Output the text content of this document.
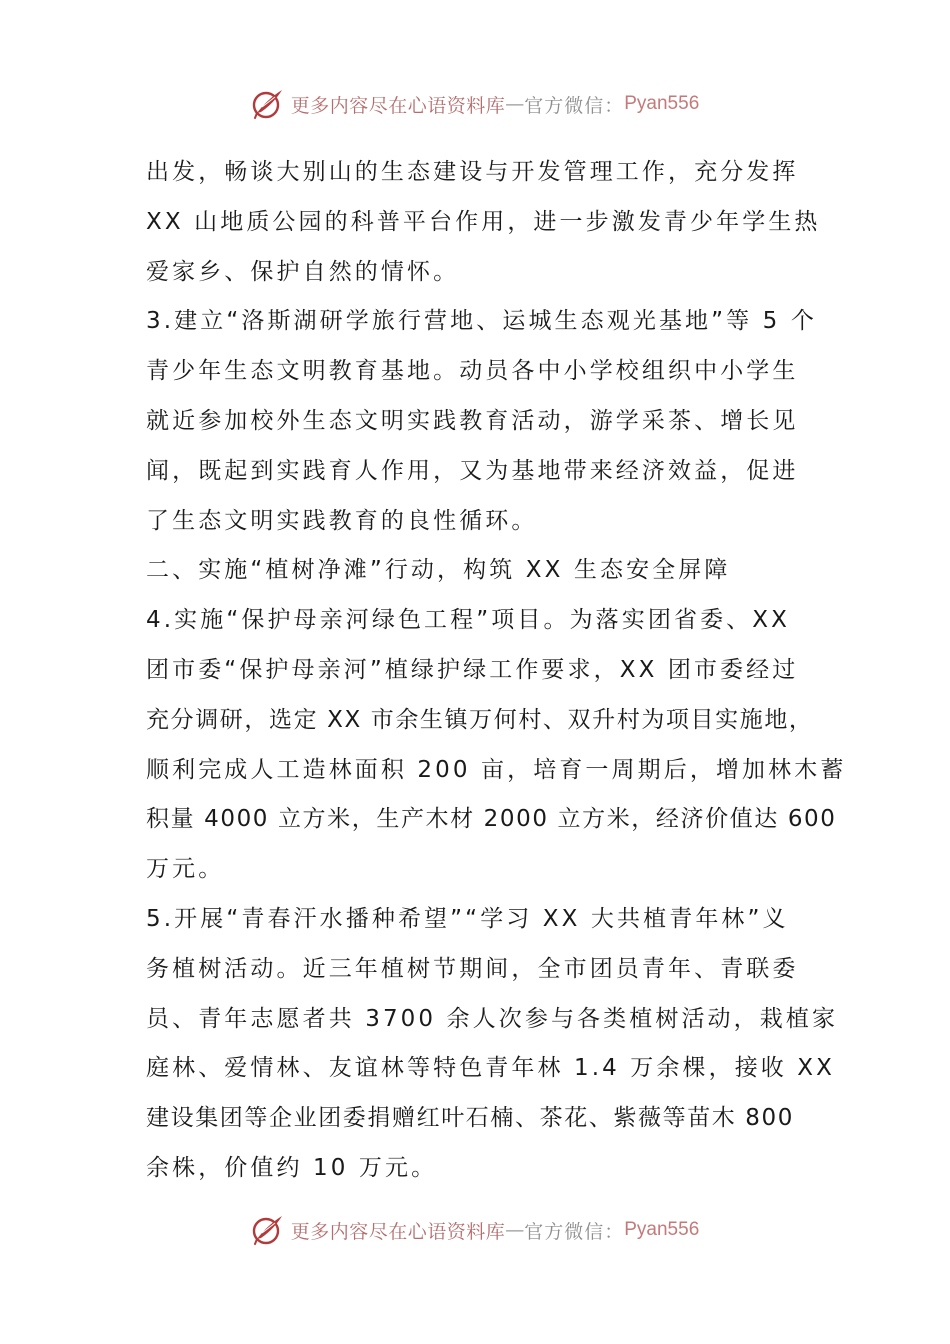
更多内容尽在心语资料库 — 官方微信： Pyan556
出发，畅谈大别山的生态建设与开发管理工作，充分发挥
XX 山地质公园的科普平台作用，进一步激发青少年学生热
爱家乡、保护自然的情怀。
3.建立“洛斯湖研学旅行营地、运城生态观光基地”等 5 个
青少年生态文明教育基地。动员各中小学校组织中小学生
就近参加校外生态文明实践教育活动，游学采茶、增长见
闻，既起到实践育人作用，又为基地带来经济效益，促进
了生态文明实践教育的良性循环。
二、实施“植树净滩”行动，构筑 XX 生态安全屏障
4.实施“保护母亲河绿色工程”项目。为落实团省委、XX
团市委“保护母亲河”植绿护绿工作要求，XX 团市委经过
充分调研，选定 XX 市余生镇万何村、双升村为项目实施地，
顺利完成人工造林面积 200 亩，培育一周期后，增加林木蓄
积量 4000 立方米，生产木材 2000 立方米，经济价值达 600
万元。
5.开展“青春汗水播种希望”“学习 XX 大共植青年林”义
务植树活动。近三年植树节期间，全市团员青年、青联委
员、青年志愿者共 3700 余人次参与各类植树活动，栽植家
庭林、爱情林、友谊林等特色青年林 1.4 万余棵，接收 XX
建设集团等企业团委捐赠红叶石楠、茶花、紫薇等苗木 800
余株，价值约 10 万元。
更多内容尽在心语资料库 — 官方微信： Pyan556
